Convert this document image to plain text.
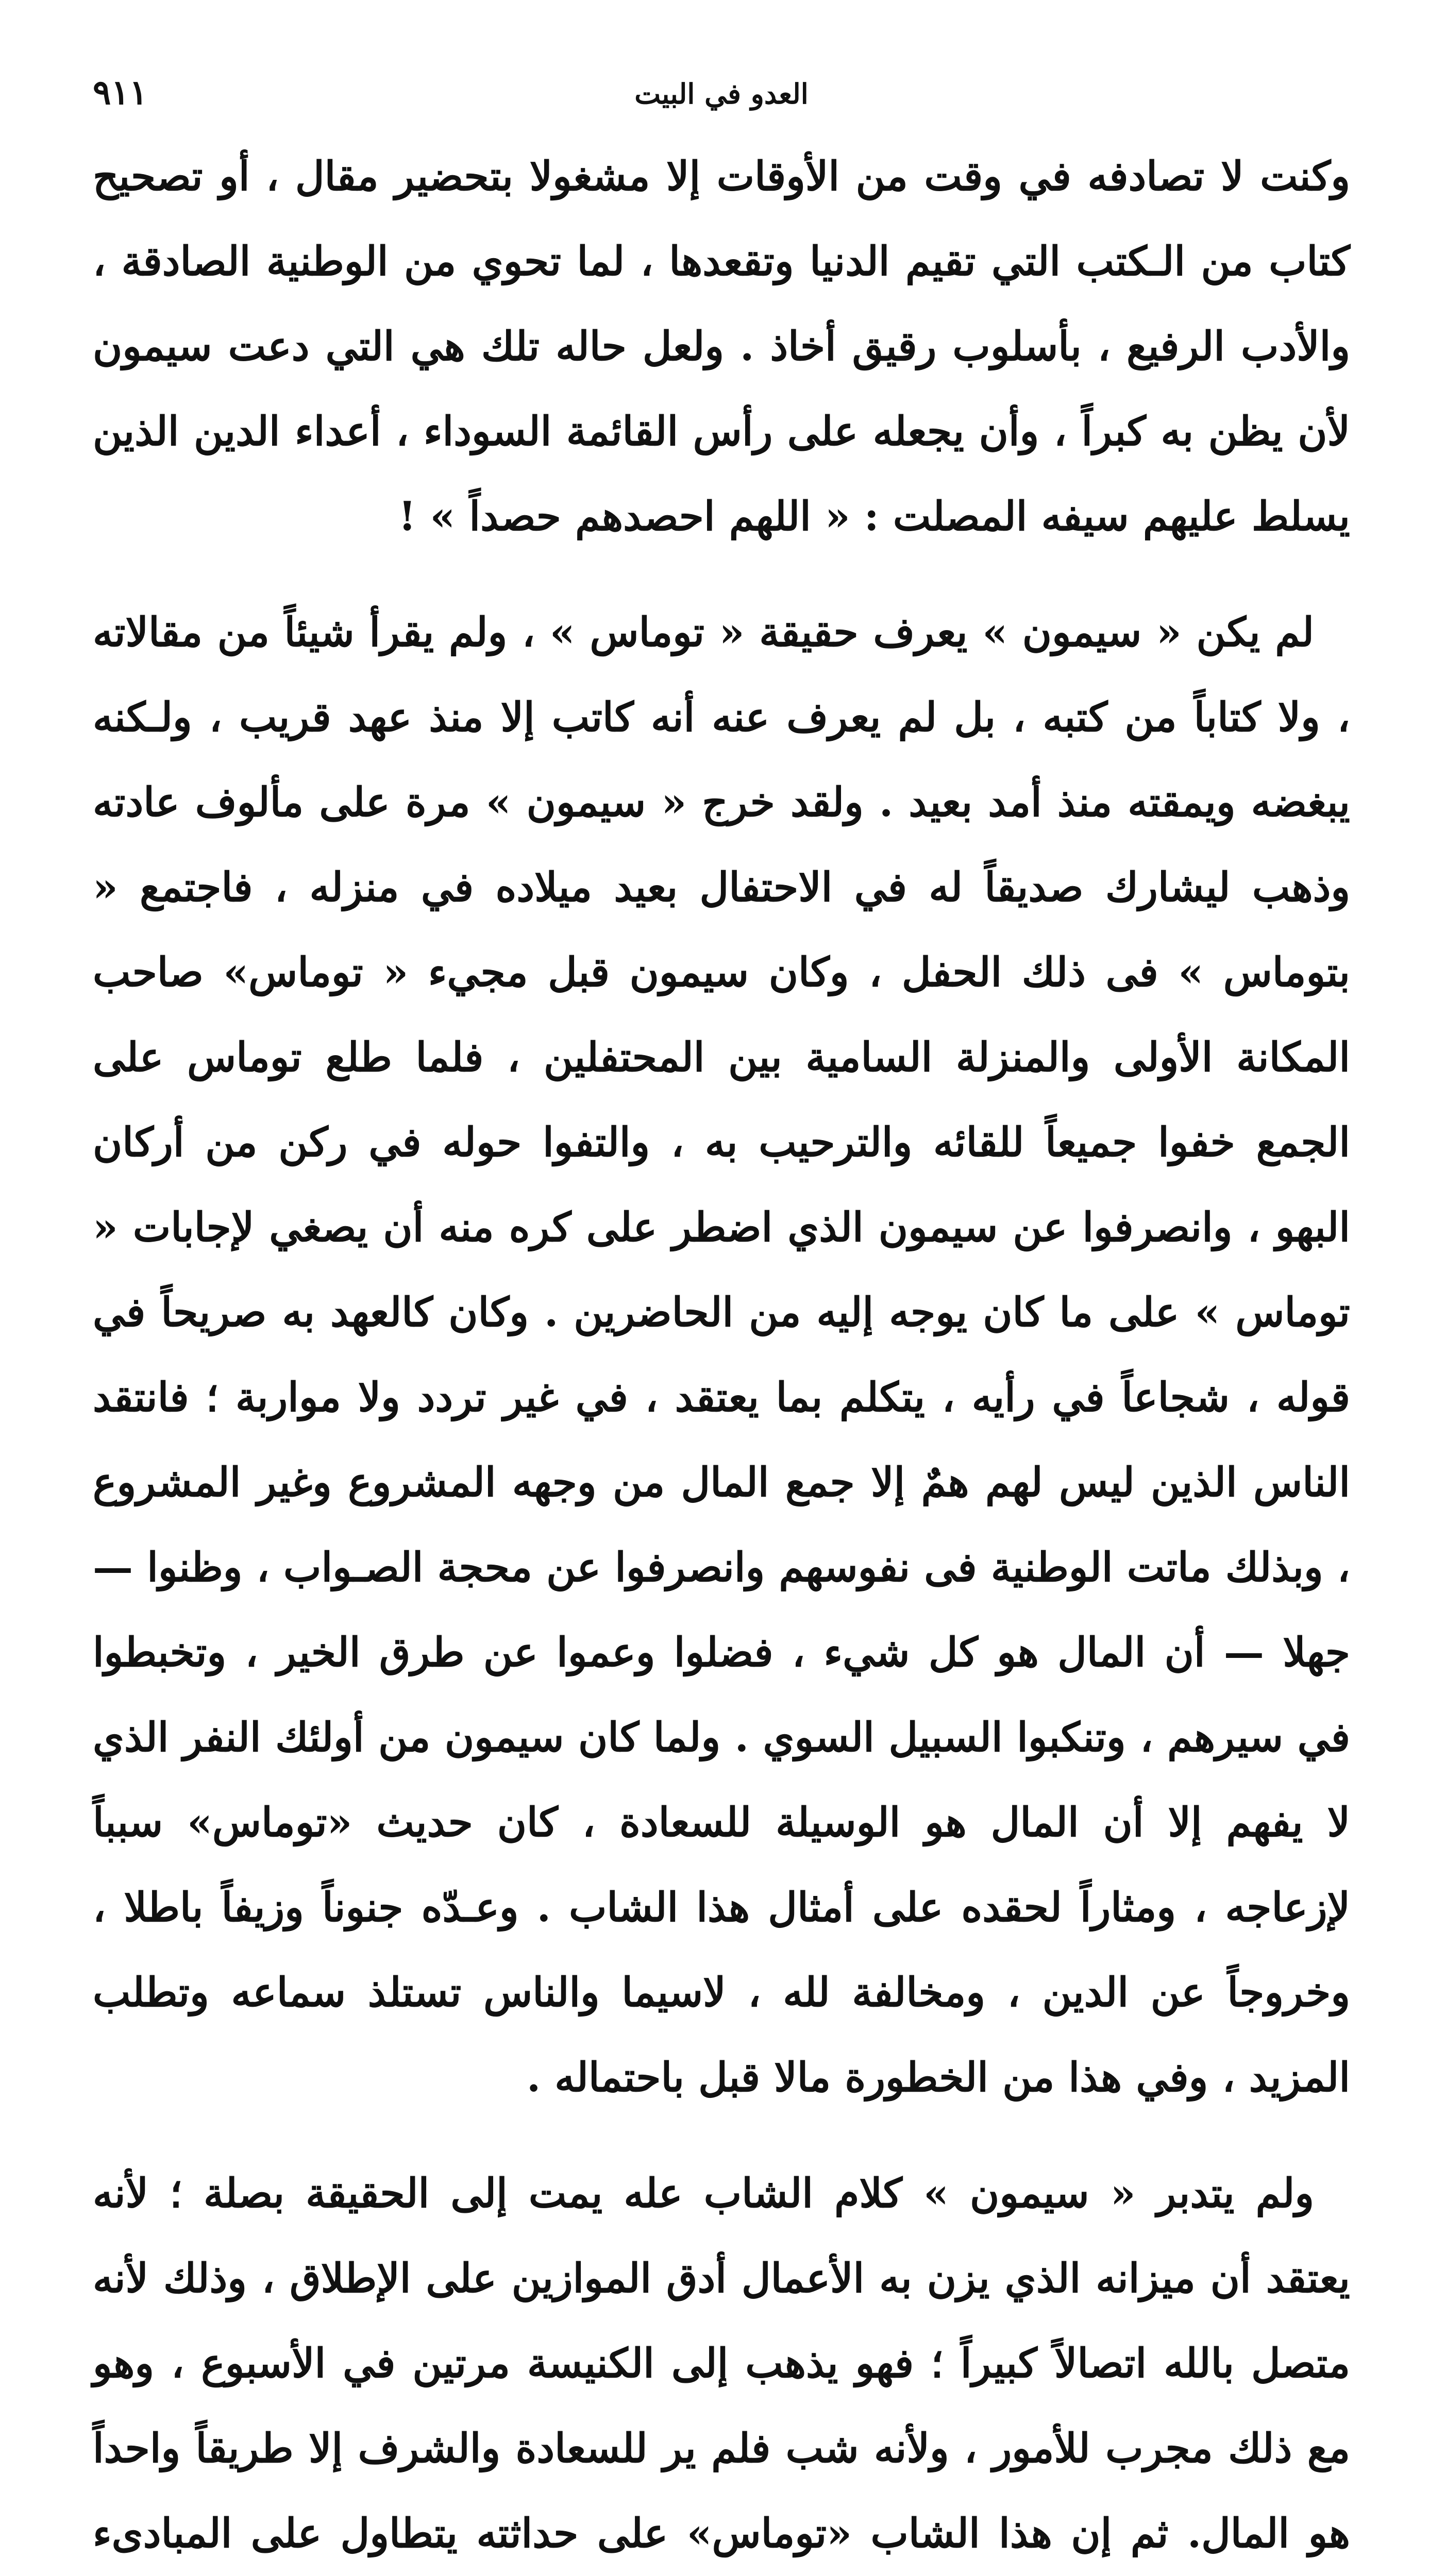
العدو في البيت
٩١١

وكنت لا تصادفه في وقت من الأوقات إلا مشغولا بتحضير مقال ، أو تصحيح كتاب من الـكتب التي تقيم الدنيا وتقعدها ، لما تحوي من الوطنية الصادقة ، والأدب الرفيع ، بأسلوب رقيق أخاذ . ولعل حاله تلك هي التي دعت سيمون لأن يظن به كبراً ، وأن يجعله على رأس القائمة السوداء ، أعداء الدين الذين يسلط عليهم سيفه المصلت : « اللهم احصدهم حصداً » !

لم يكن « سيمون » يعرف حقيقة « توماس » ، ولم يقرأ شيئاً من مقالاته ، ولا كتاباً من كتبه ، بل لم يعرف عنه أنه كاتب إلا منذ عهد قريب ، ولـكنه يبغضه ويمقته منذ أمد بعيد . ولقد خرج « سيمون » مرة على مألوف عادته وذهب ليشارك صديقاً له في الاحتفال بعيد ميلاده في منزله ، فاجتمع « بتوماس » فى ذلك الحفل ، وكان سيمون قبل مجيء « توماس» صاحب المكانة الأولى والمنزلة السامية بين المحتفلين ، فلما طلع توماس على الجمع خفوا جميعاً للقائه والترحيب به ، والتفوا حوله في ركن من أركان البهو ، وانصرفوا عن سيمون الذي اضطر على كره منه أن يصغي لإجابات « توماس » على ما كان يوجه إليه من الحاضرين . وكان كالعهد به صريحاً في قوله ، شجاعاً في رأيه ، يتكلم بما يعتقد ، في غير تردد ولا مواربة ؛ فانتقد الناس الذين ليس لهم همٌ إلا جمع المال من وجهه المشروع وغير المشروع ، وبذلك ماتت الوطنية فى نفوسهم وانصرفوا عن محجة الصـواب ، وظنوا — جهلا — أن المال هو كل شيء ، فضلوا وعموا عن طرق الخير ، وتخبطوا في سيرهم ، وتنكبوا السبيل السوي . ولما كان سيمون من أولئك النفر الذي لا يفهم إلا أن المال هو الوسيلة للسعادة ، كان حديث «توماس» سبباً لإزعاجه ، ومثاراً لحقده على أمثال هذا الشاب . وعـدّه جنوناً وزيفاً باطلا ، وخروجاً عن الدين ، ومخالفة لله ، لاسيما والناس تستلذ سماعه وتطلب المزيد ، وفي هذا من الخطورة مالا قبل باحتماله .

ولم يتدبر « سيمون » كلام الشاب عله يمت إلى الحقيقة بصلة ؛ لأنه يعتقد أن ميزانه الذي يزن به الأعمال أدق الموازين على الإطلاق ، وذلك لأنه متصل بالله اتصالاً كبيراً ؛ فهو يذهب إلى الكنيسة مرتين في الأسبوع ، وهو مع ذلك مجرب للأمور ، ولأنه شب فلم ير للسعادة والشرف إلا طريقاً واحداً هو المال. ثم إن هذا الشاب «توماس» على حداثته يتطاول على المبادىء
